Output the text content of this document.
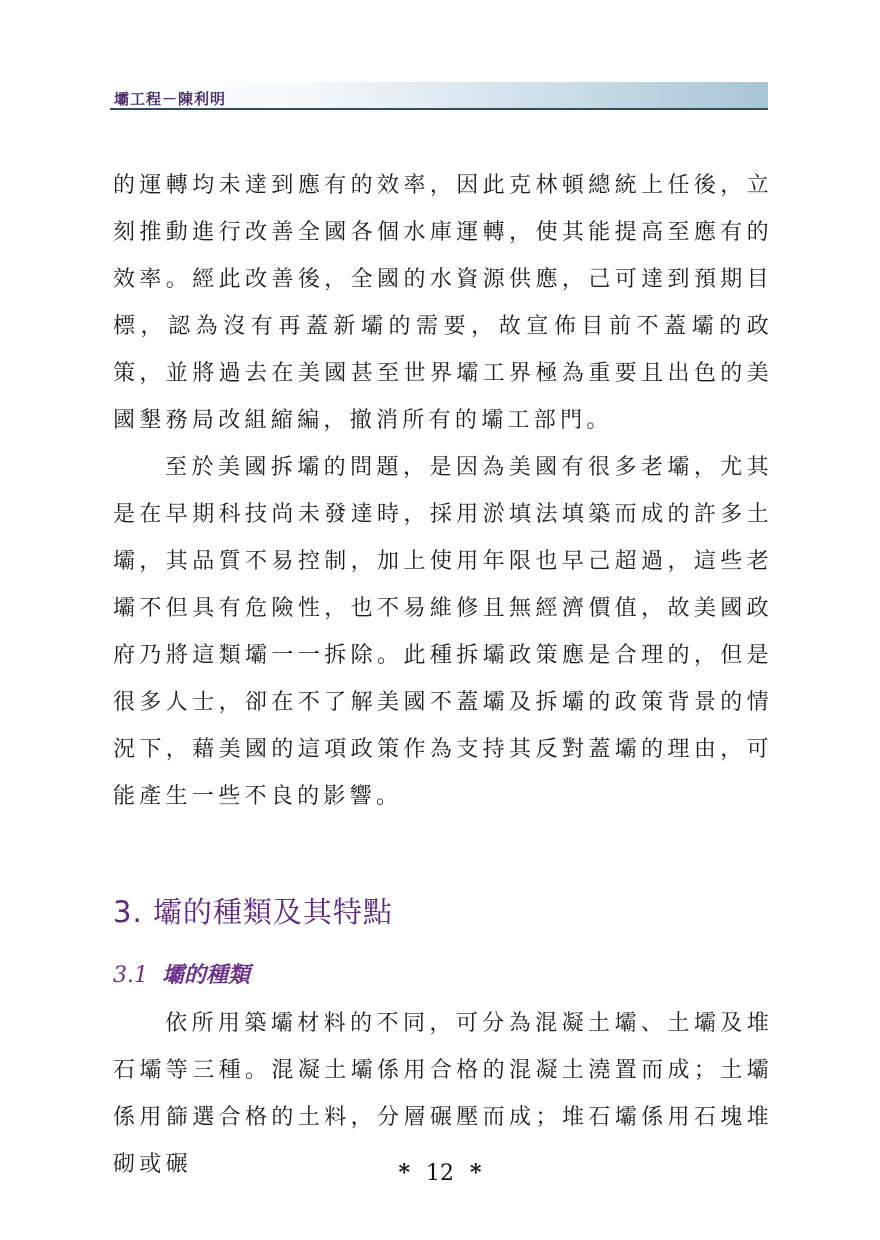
壩工程－陳利明

的運轉均未達到應有的效率，因此克林頓總統上任後，立刻推動進行改善全國各個水庫運轉，使其能提高至應有的效率。經此改善後，全國的水資源供應，己可達到預期目標，認為沒有再蓋新壩的需要，故宣佈目前不蓋壩的政策，並將過去在美國甚至世界壩工界極為重要且出色的美國墾務局改組縮編，撤消所有的壩工部門。

至於美國拆壩的問題，是因為美國有很多老壩，尤其是在早期科技尚未發達時，採用淤填法填築而成的許多土壩，其品質不易控制，加上使用年限也早己超過，這些老壩不但具有危險性，也不易維修且無經濟價值，故美國政府乃將這類壩一一拆除。此種拆壩政策應是合理的，但是很多人士，卻在不了解美國不蓋壩及拆壩的政策背景的情況下，藉美國的這項政策作為支持其反對蓋壩的理由，可能產生一些不良的影響。

3. 壩的種類及其特點
3.1 壩的種類

依所用築壩材料的不同，可分為混凝土壩、土壩及堆石壩等三種。混凝土壩係用合格的混凝土澆置而成；土壩係用篩選合格的土料，分層碾壓而成；堆石壩係用石塊堆砌或碾	* 12 *
